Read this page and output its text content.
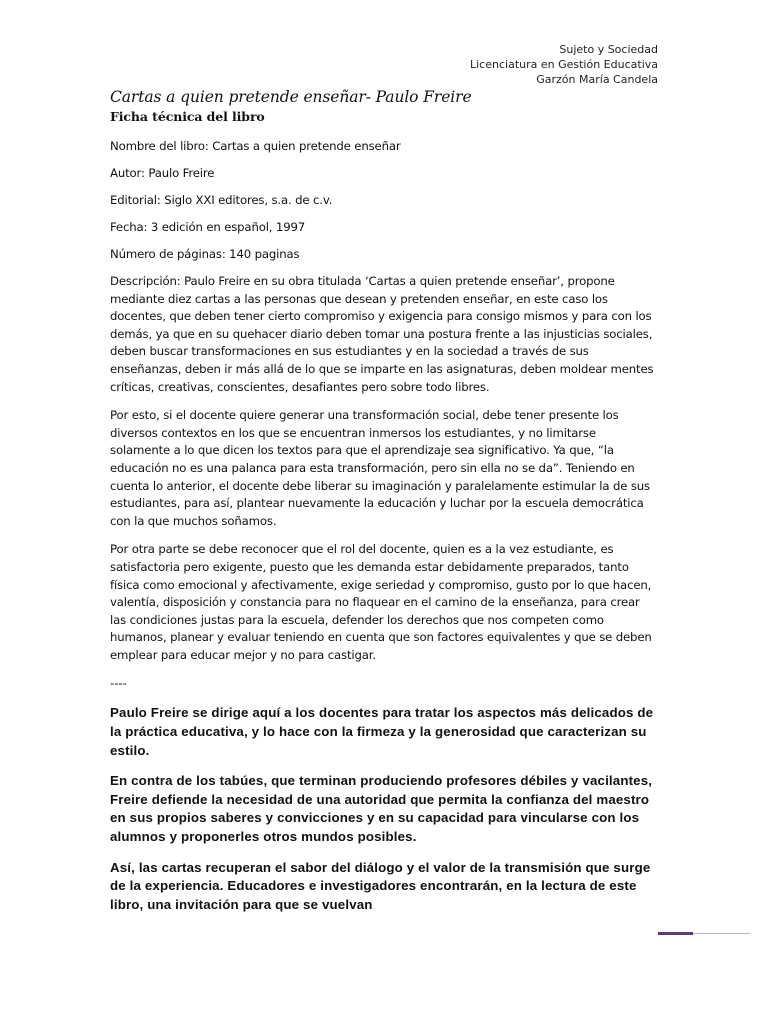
Sujeto y Sociedad
Licenciatura en Gestión Educativa
Garzón María Candela

Cartas a quien pretende enseñar- Paulo Freire

Ficha técnica del libro

Nombre del libro: Cartas a quien pretende enseñar

Autor: Paulo Freire

Editorial: Siglo XXI editores, s.a. de c.v.

Fecha: 3 edición en español, 1997

Número de páginas: 140 paginas

Descripción: Paulo Freire en su obra titulada ‘Cartas a quien pretende enseñar’, propone mediante diez cartas a las personas que desean y pretenden enseñar, en este caso los docentes, que deben tener cierto compromiso y exigencia para consigo mismos y para con los demás, ya que en su quehacer diario deben tomar una postura frente a las injusticias sociales, deben buscar transformaciones en sus estudiantes y en la sociedad a través de sus enseñanzas, deben ir más allá de lo que se imparte en las asignaturas, deben moldear mentes críticas, creativas, conscientes, desafiantes pero sobre todo libres.

Por esto, si el docente quiere generar una transformación social, debe tener presente los diversos contextos en los que se encuentran inmersos los estudiantes, y no limitarse solamente a lo que dicen los textos para que el aprendizaje sea significativo. Ya que, “la educación no es una palanca para esta transformación, pero sin ella no se da”. Teniendo en cuenta lo anterior, el docente debe liberar su imaginación y paralelamente estimular la de sus estudiantes, para así, plantear nuevamente la educación y luchar por la escuela democrática con la que muchos soñamos.

Por otra parte se debe reconocer que el rol del docente, quien es a la vez estudiante, es satisfactoria pero exigente, puesto que les demanda estar debidamente preparados, tanto física como emocional y afectivamente, exige seriedad y compromiso, gusto por lo que hacen, valentía, disposición y constancia para no flaquear en el camino de la enseñanza, para crear las condiciones justas para la escuela, defender los derechos que nos competen como humanos, planear y evaluar teniendo en cuenta que son factores equivalentes y que se deben emplear para educar mejor y no para castigar.

----

Paulo Freire se dirige aquí a los docentes para tratar los aspectos más delicados de la práctica educativa, y lo hace con la firmeza y la generosidad que caracterizan su estilo.

En contra de los tabúes, que terminan produciendo profesores débiles y vacilantes, Freire defiende la necesidad de una autoridad que permita la confianza del maestro en sus propios saberes y convicciones y en su capacidad para vincularse con los alumnos y proponerles otros mundos posibles.

Así, las cartas recuperan el sabor del diálogo y el valor de la transmisión que surge de la experiencia. Educadores e investigadores encontrarán, en la lectura de este libro, una invitación para que se vuelvan
